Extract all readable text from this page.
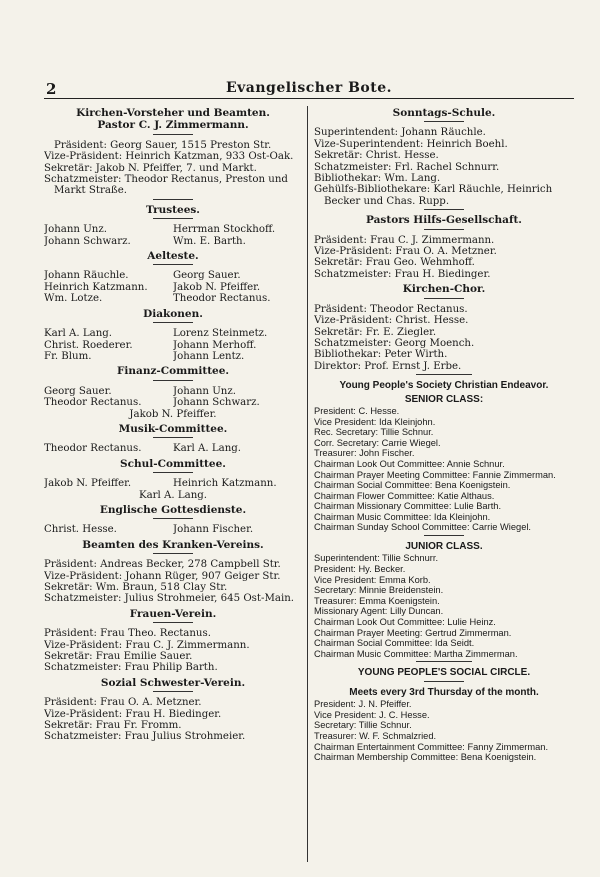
2	Evangelischer Bote.
Kirchen-Vorsteher und Beamten.
Pastor C. J. Zimmermann.
Präsident: Georg Sauer, 1515 Preston Str.
Vize-Präsident: Heinrich Katzman, 933 Ost-Oak.
Sekretär: Jakob N. Pfeiffer, 7. und Markt.
Schatzmeister: Theodor Rectanus, Preston und Markt Straße.
Trustees.
Johann Unz.	Herrman Stockhoff.
Johann Schwarz.	Wm. E. Barth.
Aelteste.
Johann Räuchle.	Georg Sauer.
Heinrich Katzmann.	Jakob N. Pfeiffer.
Wm. Lotze.	Theodor Rectanus.
Diakonen.
Karl A. Lang.	Lorenz Steinmetz.
Christ. Roederer.	Johann Merhoff.
Fr. Blum.	Johann Lentz.
Finanz-Committee.
Georg Sauer.	Johann Unz.
Theodor Rectanus.	Johann Schwarz.
Jakob N. Pfeiffer.
Musik-Committee.
Theodor Rectanus.	Karl A. Lang.
Schul-Committee.
Jakob N. Pfeiffer.	Heinrich Katzmann.
Karl A. Lang.
Englische Gottesdienste.
Christ. Hesse.	Johann Fischer.
Beamten des Kranken-Vereins.
Präsident: Andreas Becker, 278 Campbell Str.
Vize-Präsident: Johann Rüger, 907 Geiger Str.
Sekretär: Wm. Braun, 518 Clay Str.
Schatzmeister: Julius Strohmeier, 645 Ost-Main.
Frauen-Verein.
Präsident: Frau Theo. Rectanus.
Vize-Präsident: Frau C. J. Zimmermann.
Sekretär: Frau Emilie Sauer.
Schatzmeister: Frau Philip Barth.
Sozial Schwester-Verein.
Präsident: Frau O. A. Metzner.
Vize-Präsident: Frau H. Biedinger.
Sekretär: Frau Fr. Fromm.
Schatzmeister: Frau Julius Strohmeier.
Sonntags-Schule.
Superintendent: Johann Räuchle.
Vize-Superintendent: Heinrich Boehl.
Sekretär: Christ. Hesse.
Schatzmeister: Frl. Rachel Schnurr.
Bibliothekar: Wm. Lang.
Gehülfs-Bibliothekare: Karl Räuchle, Heinrich Becker und Chas. Rupp.
Pastors Hilfs-Gesellschaft.
Präsident: Frau C. J. Zimmermann.
Vize-Präsident: Frau O. A. Metzner.
Sekretär: Frau Geo. Wehmhoff.
Schatzmeister: Frau H. Biedinger.
Kirchen-Chor.
Präsident: Theodor Rectanus.
Vize-Präsident: Christ. Hesse.
Sekretär: Fr. E. Ziegler.
Schatzmeister: Georg Moench.
Bibliothekar: Peter Wirth.
Direktor: Prof. Ernst J. Erbe.
Young People's Society Christian Endeavor.
SENIOR CLASS:
President: C. Hesse.
Vice President: Ida Kleinjohn.
Rec. Secretary: Tillie Schnur.
Corr. Secretary: Carrie Wiegel.
Treasurer: John Fischer.
Chairman Look Out Committee: Annie Schnur.
Chairman Prayer Meeting Committee: Fannie Zimmerman.
Chairman Social Committee: Bena Koenigstein.
Chairman Flower Committee: Katie Althaus.
Chairman Missionary Committee: Lulie Barth.
Chairman Music Committee: Ida Kleinjohn.
Chairman Sunday School Committee: Carrie Wiegel.
JUNIOR CLASS.
Superintendent: Tillie Schnurr.
President: Hy. Becker.
Vice President: Emma Korb.
Secretary: Minnie Breidenstein.
Treasurer: Emma Koenigstein.
Missionary Agent: Lilly Duncan.
Chairman Look Out Committee: Lulie Heinz.
Chairman Prayer Meeting: Gertrud Zimmerman.
Chairman Social Committee: Ida Seidt.
Chairman Music Committee: Martha Zimmerman.
YOUNG PEOPLE'S SOCIAL CIRCLE.
Meets every 3rd Thursday of the month.
President: J. N. Pfeiffer.
Vice President: J. C. Hesse.
Secretary: Tillie Schnur.
Treasurer: W. F. Schmalzried.
Chairman Entertainment Committee: Fanny Zimmerman.
Chairman Membership Committee: Bena Koenigstein.
